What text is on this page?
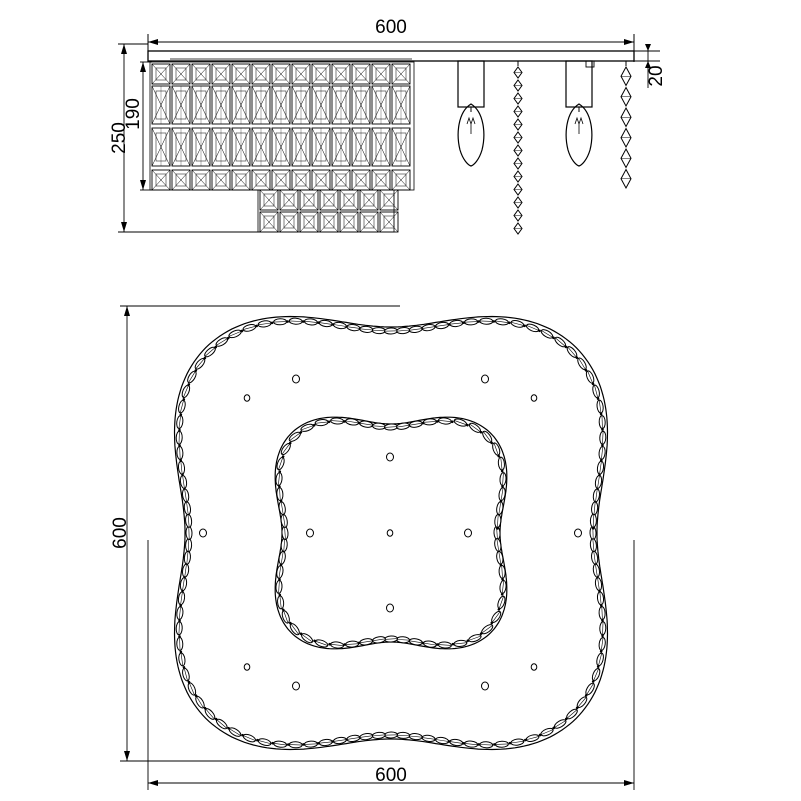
600
20
250
190
600
600
